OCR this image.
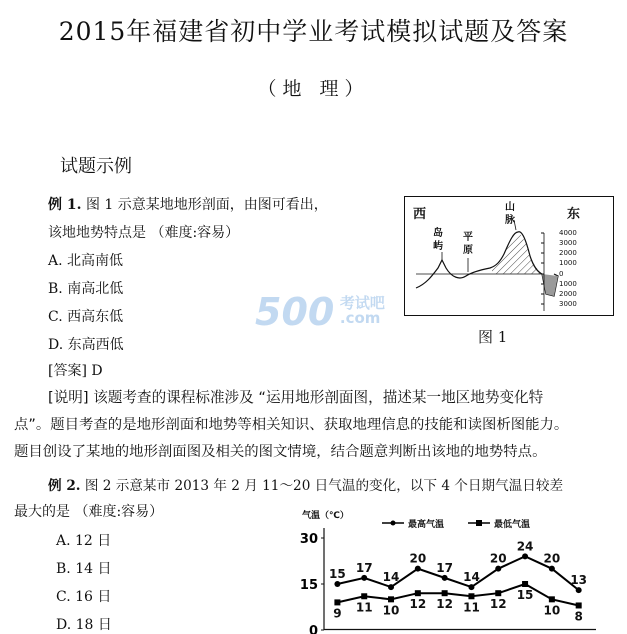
2015年福建省初中学业考试模拟试题及答案
（地 理）
试题示例
例 1. 图 1 示意某地地形剖面，由图可看出，
该地地势特点是 （难度:容易）
A. 北高南低
B. 南高北低
C. 西高东低
D. 东高西低
[答案] D
[说明] 该题考查的课程标准涉及 “运用地形剖面图，描述某一地区地势变化特
点”。题目考查的是地形剖面和地势等相关知识、获取地理信息的技能和读图析图能力。
题目创设了某地的地形剖面图及相关的图文情境，结合题意判断出该地的地势特点。
4000
3000
2000
1000
0
1000
2000
3000
西	东
岛
屿
平
原
山
脉
图 1
500 考试吧
.com
例 2. 图 2 示意某市 2013 年 2 月 11～20 日气温的变化，以下 4 个日期气温日较差
最大的是 （难度:容易）
A. 12 日
B. 14 日
C. 16 日
D. 18 日
气温（℃）
最高气温	最低气温
0
15
30
15 17
14
20
17
14
20
24
20
13
9 11 10 12 12 11 12
15
10 8
